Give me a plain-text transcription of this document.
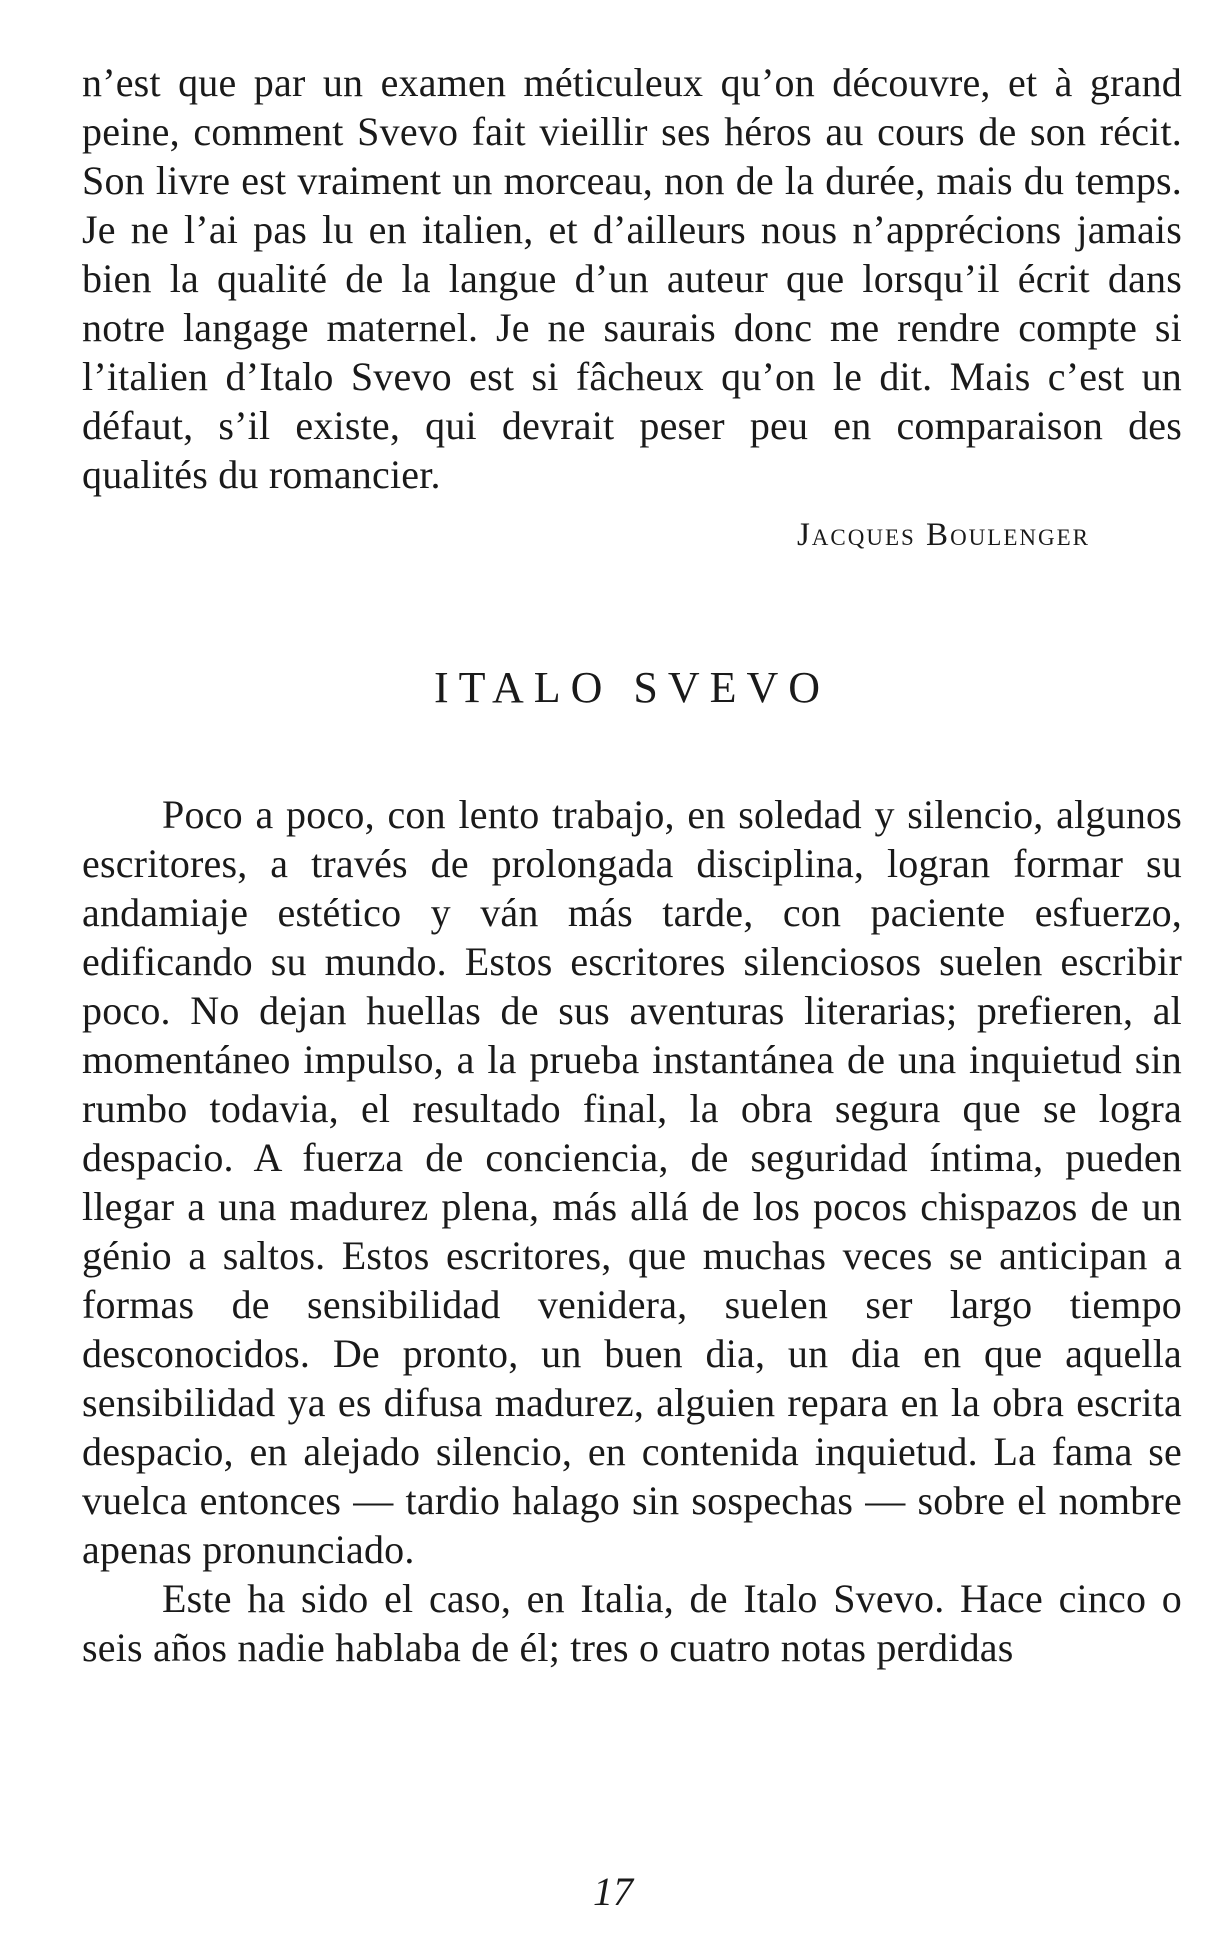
n’est que par un examen méticuleux qu’on découvre, et à grand peine, comment Svevo fait vieillir ses héros au cours de son récit. Son livre est vraiment un morceau, non de la durée, mais du temps. Je ne l’ai pas lu en italien, et d’ailleurs nous n’apprécions jamais bien la qualité de la langue d’un auteur que lorsqu’il écrit dans notre langage maternel. Je ne saurais donc me rendre compte si l’italien d’Italo Svevo est si fâcheux qu’on le dit. Mais c’est un défaut, s’il existe, qui devrait peser peu en comparaison des qualités du romancier.

Jacques Boulenger

ITALO SVEVO

Poco a poco, con lento trabajo, en soledad y silencio, algunos escritores, a través de prolongada disciplina, logran formar su andamiaje estético y ván más tarde, con paciente esfuerzo, edificando su mundo. Estos escritores silenciosos suelen escribir poco. No dejan huellas de sus aventuras literarias; prefieren, al momentáneo impulso, a la prueba instantánea de una inquietud sin rumbo todavia, el resultado final, la obra segura que se logra despacio. A fuerza de conciencia, de seguridad íntima, pueden llegar a una madurez plena, más allá de los pocos chispazos de un génio a saltos. Estos escritores, que muchas veces se anticipan a formas de sensibilidad venidera, suelen ser largo tiempo desconocidos. De pronto, un buen dia, un dia en que aquella sensibilidad ya es difusa madurez, alguien repara en la obra escrita despacio, en alejado silencio, en contenida inquietud. La fama se vuelca entonces — tardio halago sin sospechas — sobre el nombre apenas pronunciado.

Este ha sido el caso, en Italia, de Italo Svevo. Hace cinco o seis años nadie hablaba de él; tres o cuatro notas perdidas

17
